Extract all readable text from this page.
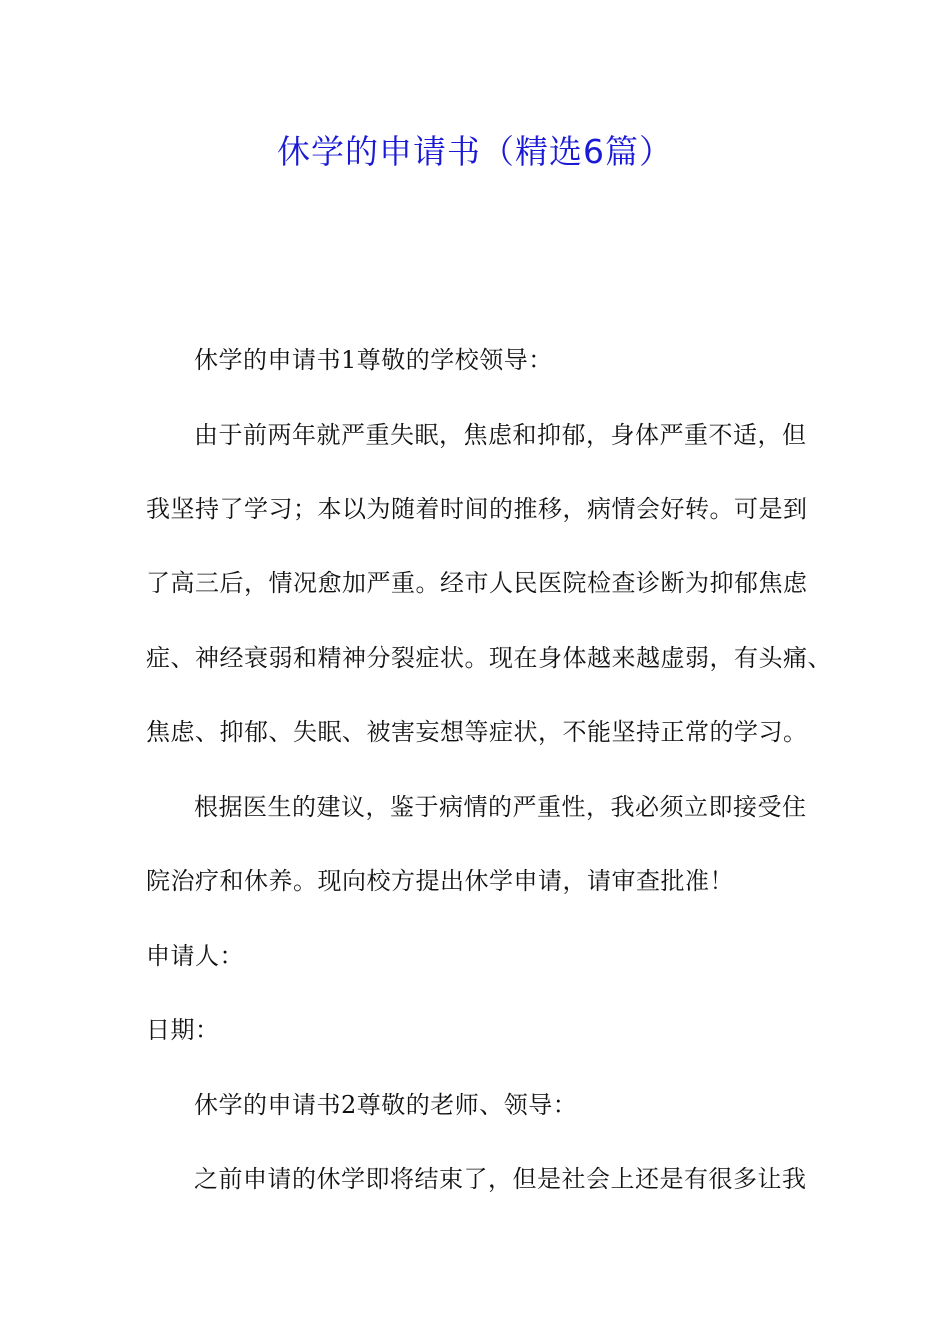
休学的申请书（精选6篇）
休学的申请书1尊敬的学校领导：
由于前两年就严重失眠，焦虑和抑郁，身体严重不适，但
我坚持了学习；本以为随着时间的推移，病情会好转。可是到
了高三后，情况愈加严重。经市人民医院检查诊断为抑郁焦虑
症、神经衰弱和精神分裂症状。现在身体越来越虚弱，有头痛、
焦虑、抑郁、失眠、被害妄想等症状，不能坚持正常的学习。
根据医生的建议，鉴于病情的严重性，我必须立即接受住
院治疗和休养。现向校方提出休学申请，请审查批准！
申请人：
日期：
休学的申请书2尊敬的老师、领导：
之前申请的休学即将结束了，但是社会上还是有很多让我
